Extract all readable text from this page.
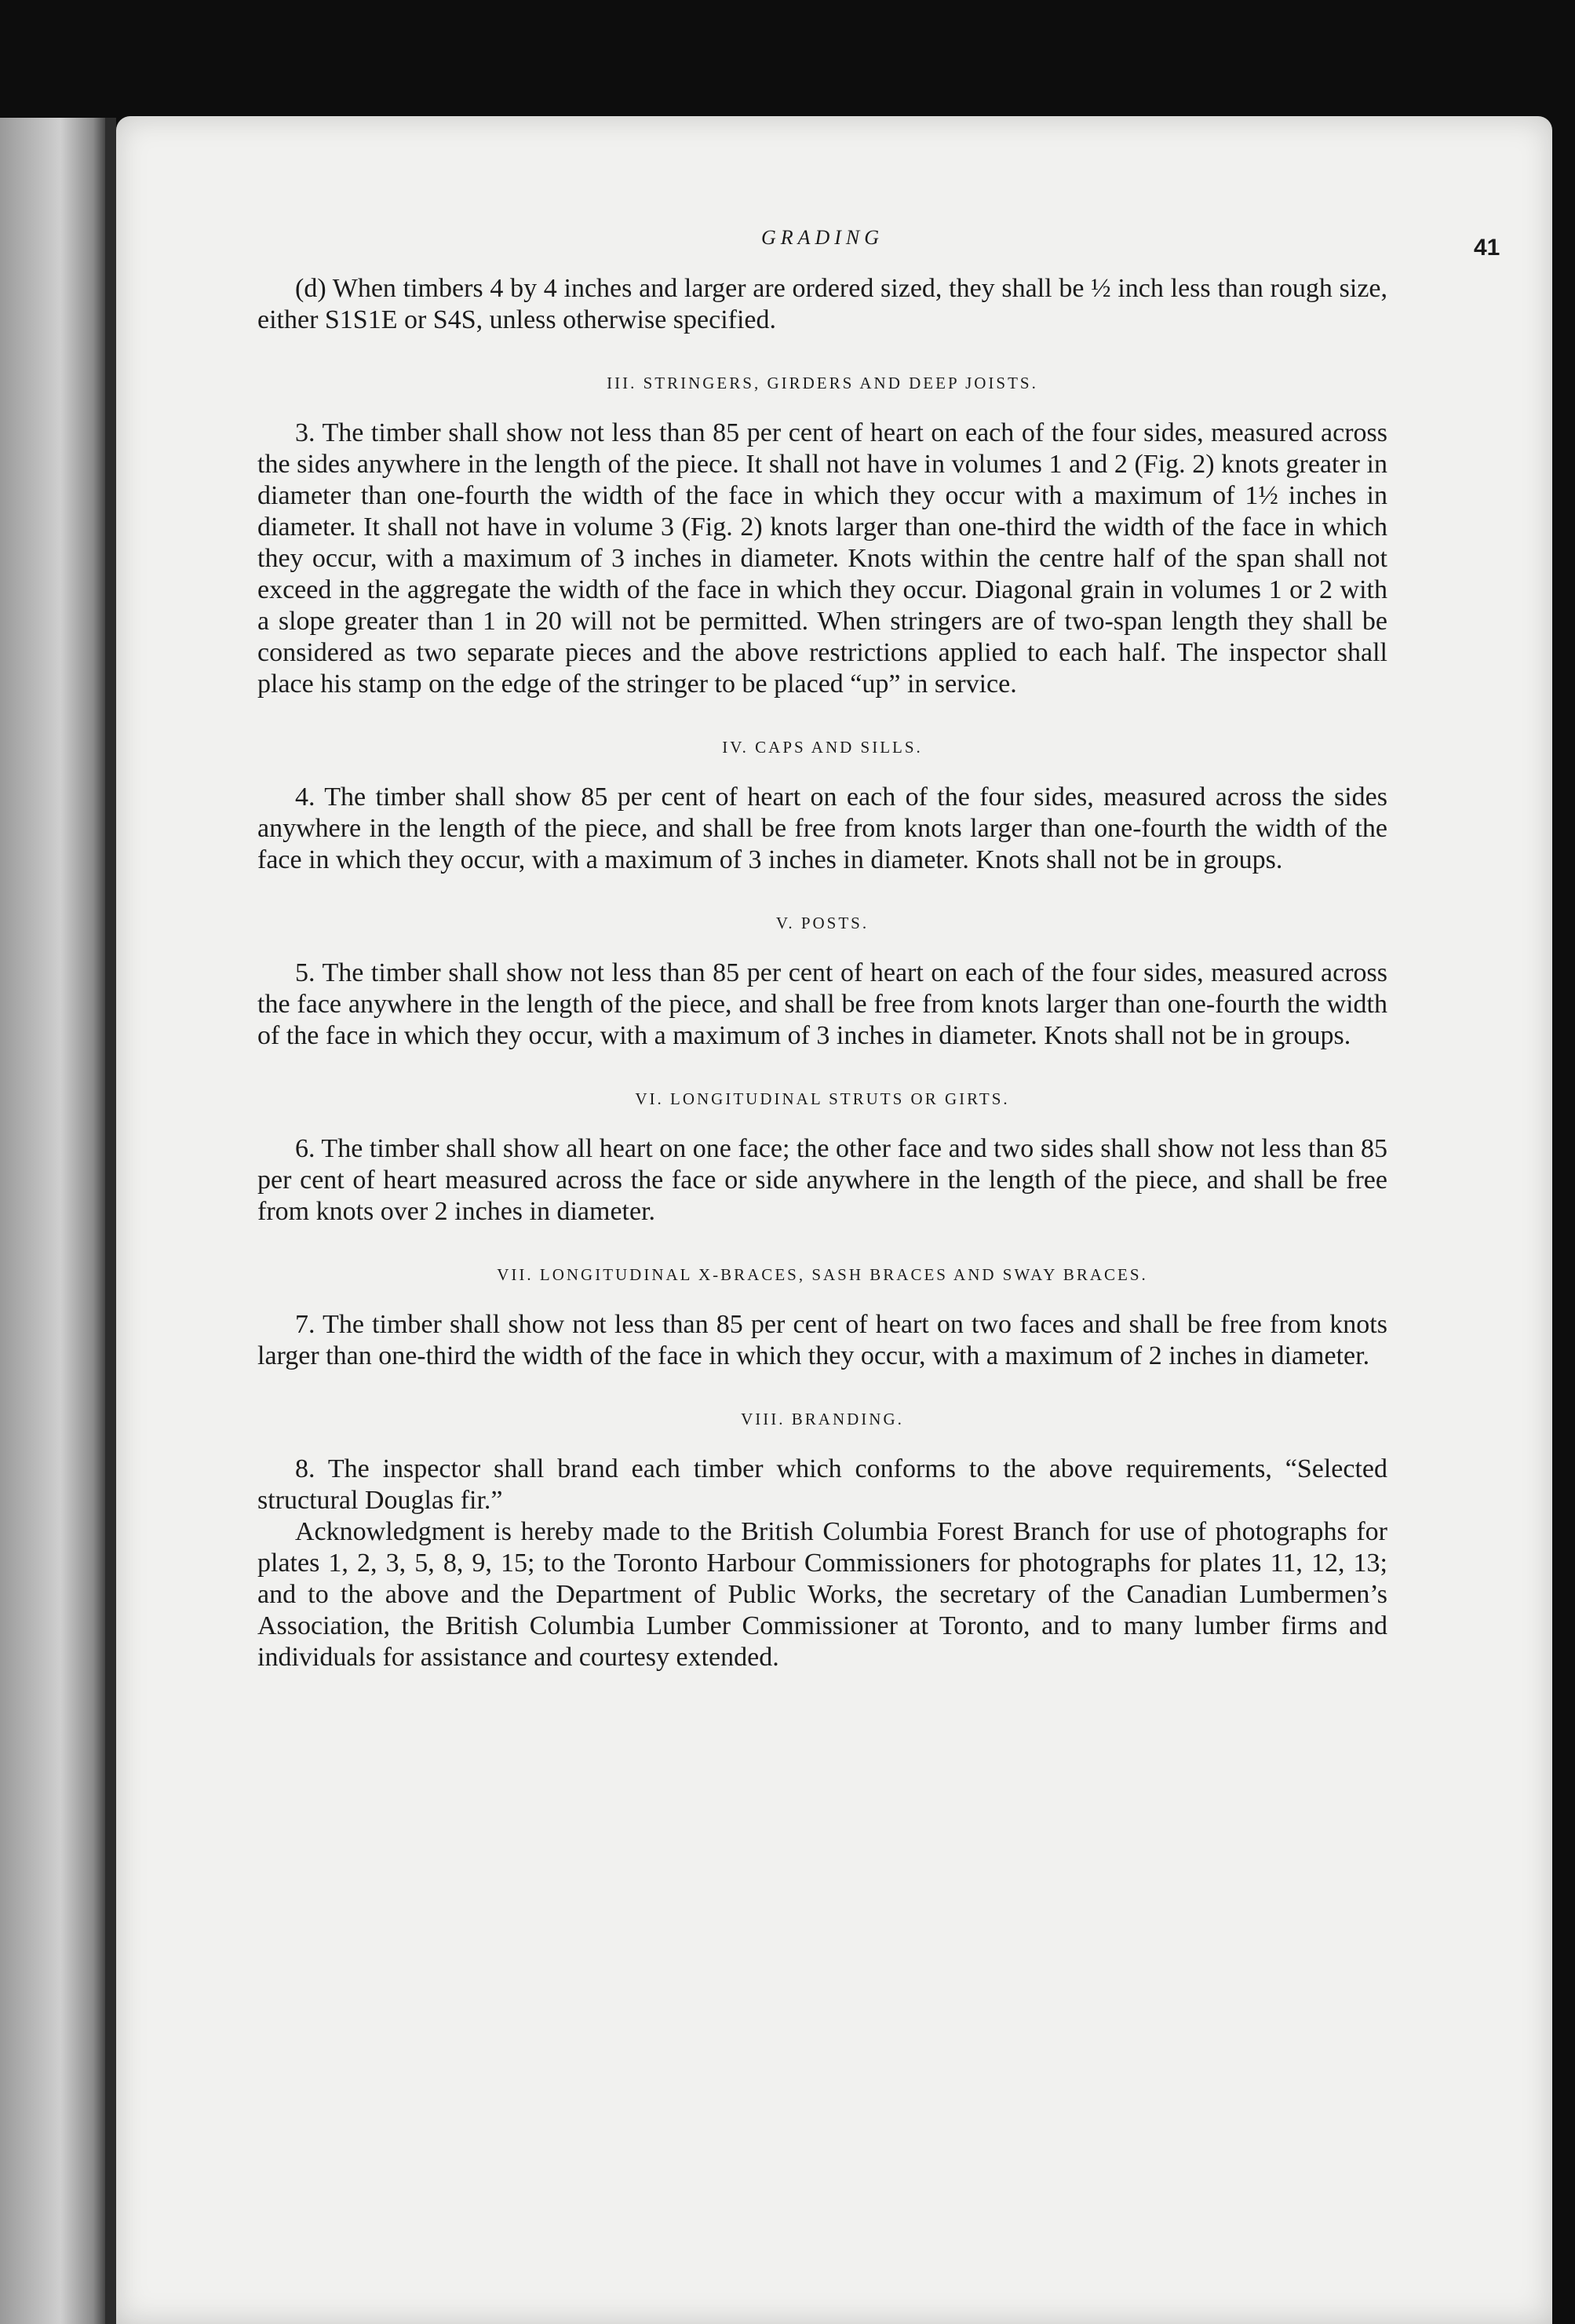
GRADING	41

(d) When timbers 4 by 4 inches and larger are ordered sized, they shall be ½ inch less than rough size, either S1S1E or S4S, unless otherwise specified.

III. STRINGERS, GIRDERS AND DEEP JOISTS.

3. The timber shall show not less than 85 per cent of heart on each of the four sides, measured across the sides anywhere in the length of the piece. It shall not have in volumes 1 and 2 (Fig. 2) knots greater in diameter than one-fourth the width of the face in which they occur with a maximum of 1½ inches in diameter. It shall not have in volume 3 (Fig. 2) knots larger than one-third the width of the face in which they occur, with a maximum of 3 inches in diameter. Knots within the centre half of the span shall not exceed in the aggregate the width of the face in which they occur. Diagonal grain in volumes 1 or 2 with a slope greater than 1 in 20 will not be permitted. When stringers are of two-span length they shall be considered as two separate pieces and the above restrictions applied to each half. The inspector shall place his stamp on the edge of the stringer to be placed “up” in service.

IV. CAPS AND SILLS.

4. The timber shall show 85 per cent of heart on each of the four sides, measured across the sides anywhere in the length of the piece, and shall be free from knots larger than one-fourth the width of the face in which they occur, with a maximum of 3 inches in diameter. Knots shall not be in groups.

V. POSTS.

5. The timber shall show not less than 85 per cent of heart on each of the four sides, measured across the face anywhere in the length of the piece, and shall be free from knots larger than one-fourth the width of the face in which they occur, with a maximum of 3 inches in diameter. Knots shall not be in groups.

VI. LONGITUDINAL STRUTS OR GIRTS.

6. The timber shall show all heart on one face; the other face and two sides shall show not less than 85 per cent of heart measured across the face or side anywhere in the length of the piece, and shall be free from knots over 2 inches in diameter.

VII. LONGITUDINAL X-BRACES, SASH BRACES AND SWAY BRACES.

7. The timber shall show not less than 85 per cent of heart on two faces and shall be free from knots larger than one-third the width of the face in which they occur, with a maximum of 2 inches in diameter.

VIII. BRANDING.

8. The inspector shall brand each timber which conforms to the above requirements, “Selected structural Douglas fir.”

Acknowledgment is hereby made to the British Columbia Forest Branch for use of photographs for plates 1, 2, 3, 5, 8, 9, 15; to the Toronto Harbour Commissioners for photographs for plates 11, 12, 13; and to the above and the Department of Public Works, the secretary of the Canadian Lumbermen’s Association, the British Columbia Lumber Commissioner at Toronto, and to many lumber firms and individuals for assistance and courtesy extended.
